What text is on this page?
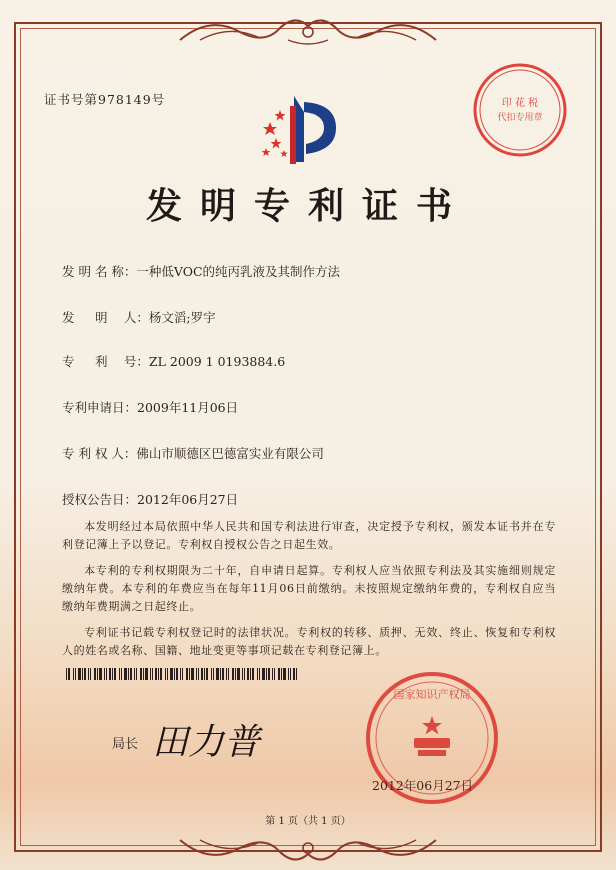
证书号第978149号	印 花 税
代扣专用章
发明专利证书
发 明 名 称：一种低VOC的纯丙乳液及其制作方法
发 　 明 　人：杨文滔;罗宇
专 　 利 　号：ZL 2009 1 0193884.6
专利申请日：2009年11月06日
专 利 权 人：佛山市顺德区巴德富实业有限公司
授权公告日：2012年06月27日
本发明经过本局依照中华人民共和国专利法进行审查，决定授予专利权，颁发本证书并在专利登记簿上予以登记。专利权自授权公告之日起生效。
本专利的专利权期限为二十年，自申请日起算。专利权人应当依照专利法及其实施细则规定缴纳年费。本专利的年费应当在每年11月06日前缴纳。未按照规定缴纳年费的，专利权自应当缴纳年费期满之日起终止。
专利证书记载专利权登记时的法律状况。专利权的转移、质押、无效、终止、恢复和专利权人的姓名或名称、国籍、地址变更等事项记载在专利登记簿上。
局长 田力普
国家知识产权局
2012年06月27日
第 1 页（共 1 页）
